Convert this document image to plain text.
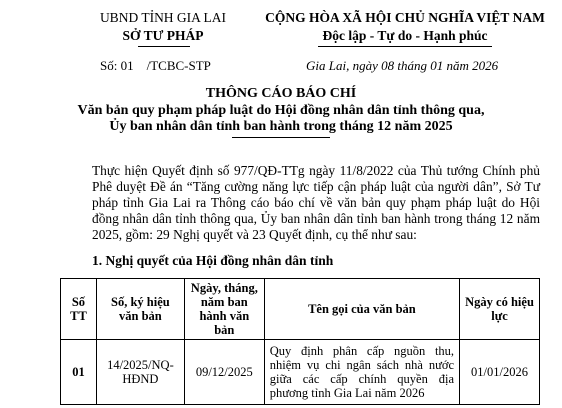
UBND TỈNH GIA LAI
SỞ TƯ PHÁP
CỘNG HÒA XÃ HỘI CHỦ NGHĨA VIỆT NAM
Độc lập - Tự do - Hạnh phúc
Số: 01    /TCBC-STP	Gia Lai, ngày 08 tháng 01 năm 2026
THÔNG CÁO BÁO CHÍ
Văn bản quy phạm pháp luật do Hội đồng nhân dân tỉnh thông qua,
Ủy ban nhân dân tỉnh ban hành trong tháng 12 năm 2025
Thực hiện Quyết định số 977/QĐ-TTg ngày 11/8/2022 của Thủ tướng Chính phủ Phê duyệt Đề án “Tăng cường năng lực tiếp cận pháp luật của người dân”, Sở Tư pháp tỉnh Gia Lai ra Thông cáo báo chí về văn bản quy phạm pháp luật do Hội đồng nhân dân tỉnh thông qua, Ủy ban nhân dân tỉnh ban hành trong tháng 12 năm 2025, gồm: 29 Nghị quyết và 23 Quyết định, cụ thể như sau:
1. Nghị quyết của Hội đồng nhân dân tỉnh
Số TT	Số, ký hiệu văn bản	Ngày, tháng, năm ban hành văn bản	Tên gọi của văn bản	Ngày có hiệu lực
01	14/2025/NQ-HĐND	09/12/2025	Quy định phân cấp nguồn thu, nhiệm vụ chi ngân sách nhà nước giữa các cấp chính quyền địa phương tỉnh Gia Lai năm 2026	01/01/2026
